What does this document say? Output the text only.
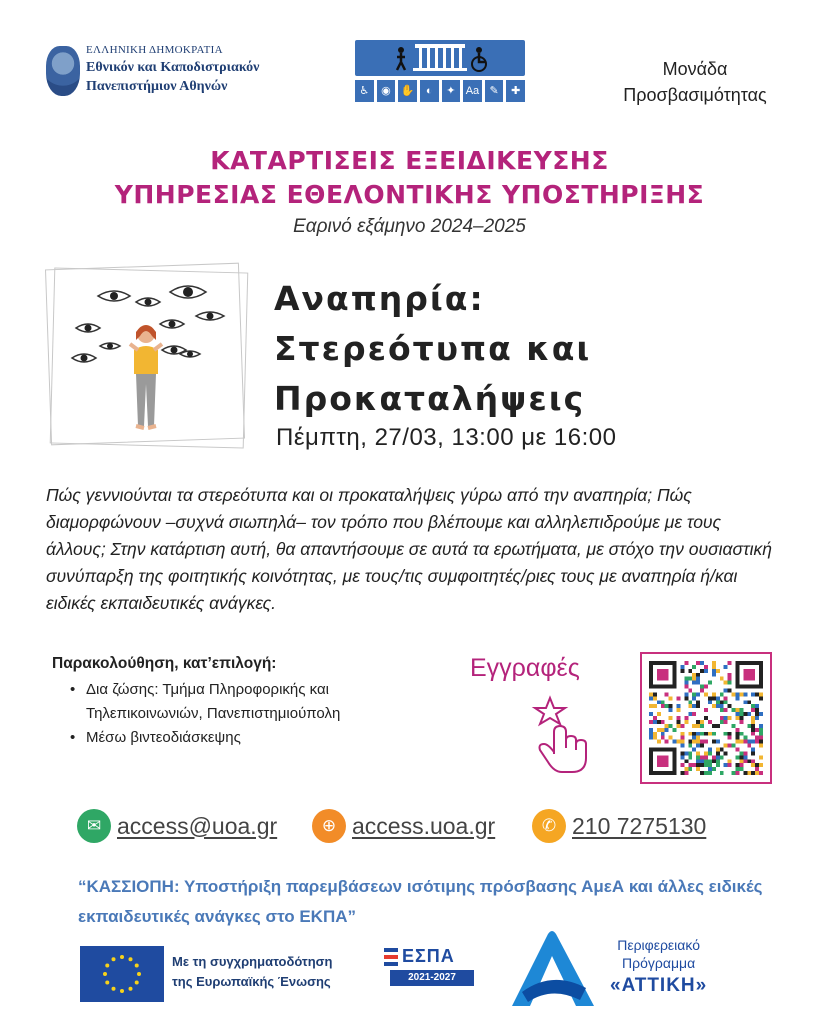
ΕΛΛΗΝΙΚΗ ΔΗΜΟΚΡΑΤΙΑ
Εθνικόν και Καποδιστριακόν
Πανεπιστήμιον Αθηνών	♿	◉ ✋	◐	✦ Aa ✎	✚
Μονάδα
Προσβασιμότητας
ΚΑΤΑΡΤΙΣΕΙΣ ΕΞΕΙΔΙΚΕΥΣΗΣ
ΥΠΗΡΕΣΙΑΣ ΕΘΕΛΟΝΤΙΚΗΣ ΥΠΟΣΤΗΡΙΞΗΣ
Εαρινό εξάμηνο 2024–2025
Αναπηρία:
Στερεότυπα και
Προκαταλήψεις
Πέμπτη, 27/03, 13:00 με 16:00
Πώς γεννιούνται τα στερεότυπα και οι προκαταλήψεις γύρω από την αναπηρία; Πώς διαμορφώνουν –συχνά σιωπηλά– τον τρόπο που βλέπουμε και αλληλεπιδρούμε με τους άλλους; Στην κατάρτιση αυτή, θα απαντήσουμε σε αυτά τα ερωτήματα, με στόχο την ουσιαστική συνύπαρξη της φοιτητικής κοινότητας, με τους/τις συμφοιτητές/ριες τους με αναπηρία ή/και ειδικές εκπαιδευτικές ανάγκες.
Παρακολούθηση, κατ’επιλογή:
• Δια ζώσης: Τμήμα Πληροφορικής και Τηλεπικοινωνιών, Πανεπιστημιούπολη
• Μέσω βιντεοδιάσκεψης
Εγγραφές
✉ access@uoa.gr	⊕ access.uoa.gr	✆ 210 7275130
“ΚΑΣΣΙΟΠΗ: Υποστήριξη παρεμβάσεων ισότιμης πρόσβασης ΑμεΑ και άλλες ειδικές εκπαιδευτικές ανάγκες στο ΕΚΠΑ”
Με τη συγχρηματοδότηση
της Ευρωπαϊκής Ένωσης
ΕΣΠΑ
2021-2027
Περιφερειακό
Πρόγραμμα
«ΑΤΤΙΚΗ»
